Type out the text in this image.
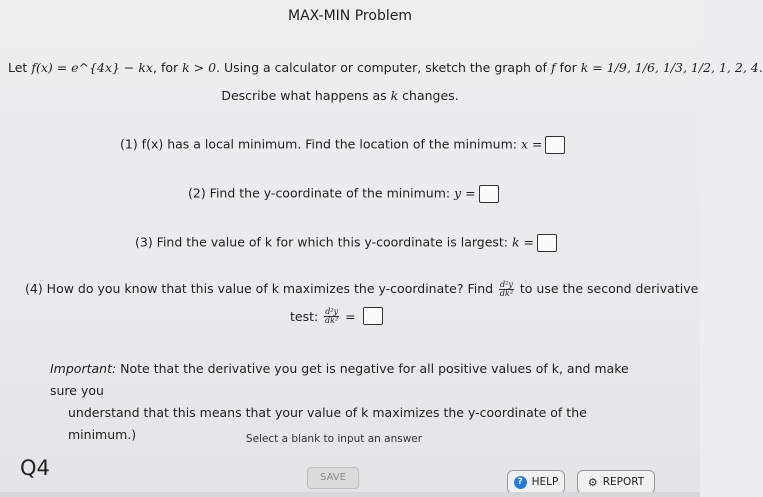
MAX-MIN Problem
Let f(x) = e^{4x} − kx, for k > 0. Using a calculator or computer, sketch the graph of f for k = 1/9, 1/6, 1/3, 1/2, 1, 2, 4.
Describe what happens as k changes.
(1) f(x) has a local minimum. Find the location of the minimum: x =
(2) Find the y-coordinate of the minimum: y =
(3) Find the value of k for which this y-coordinate is largest: k =
(4) How do you know that this value of k maximizes the y-coordinate? Find $\frac{\text{d²y}}{\text{dk²}}$ to use the second derivative
test: $\frac{\text{d²y}}{\text{dk²}}$ =
Important: Note that the derivative you get is negative for all positive values of k, and make sure you
understand that this means that your value of k maximizes the y-coordinate of the minimum.)	Select a blank to input an answer
Q4	SAVE	? HELP	⚙ REPORT
